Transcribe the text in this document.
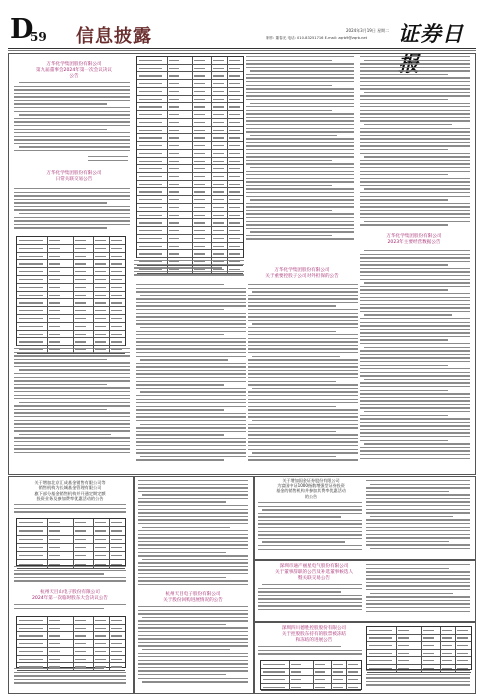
D
59 信息披露	2024年3月19日 星期二
制作: 董春光 电话: 010-83251716 E-mail: zqrb9@zqrb.net 证券日
万华化学集团股份有限公司
第九届董事会2024年第一次会议决议
公告
万华化学集团股份有限公司
日常关联交易公告
万华化学集团股份有限公司
关于重要控股子公司对外担保的公告
万华化学集团股份有限公司
2023年主要经营数据公告
关于增加北京汇成基金销售有限公司等
销售机构为长城基金管理有限公司
旗下部分基金销售机构并开通定期定额
投资业务及参加费率优惠活动的公告
杭州天目山电子股份有限公司
2024年第一次临时股东大会决议公告
杭州天目电子股份有限公司
关于股份回购进展情况的公告
关于增加国金证券股份有限公司
为富国中证1000指数增强型证券投资
基金的销售机构并参加其费率优惠活动
的公告
深圳市通产丽星电气股份有限公司
关于董事辞职的公告及补选董事候选人
暨关联交易公告
深圳四川德胜控股股份有限公司
关于控股股东持有的股票被冻结
和冻结的进展公告
